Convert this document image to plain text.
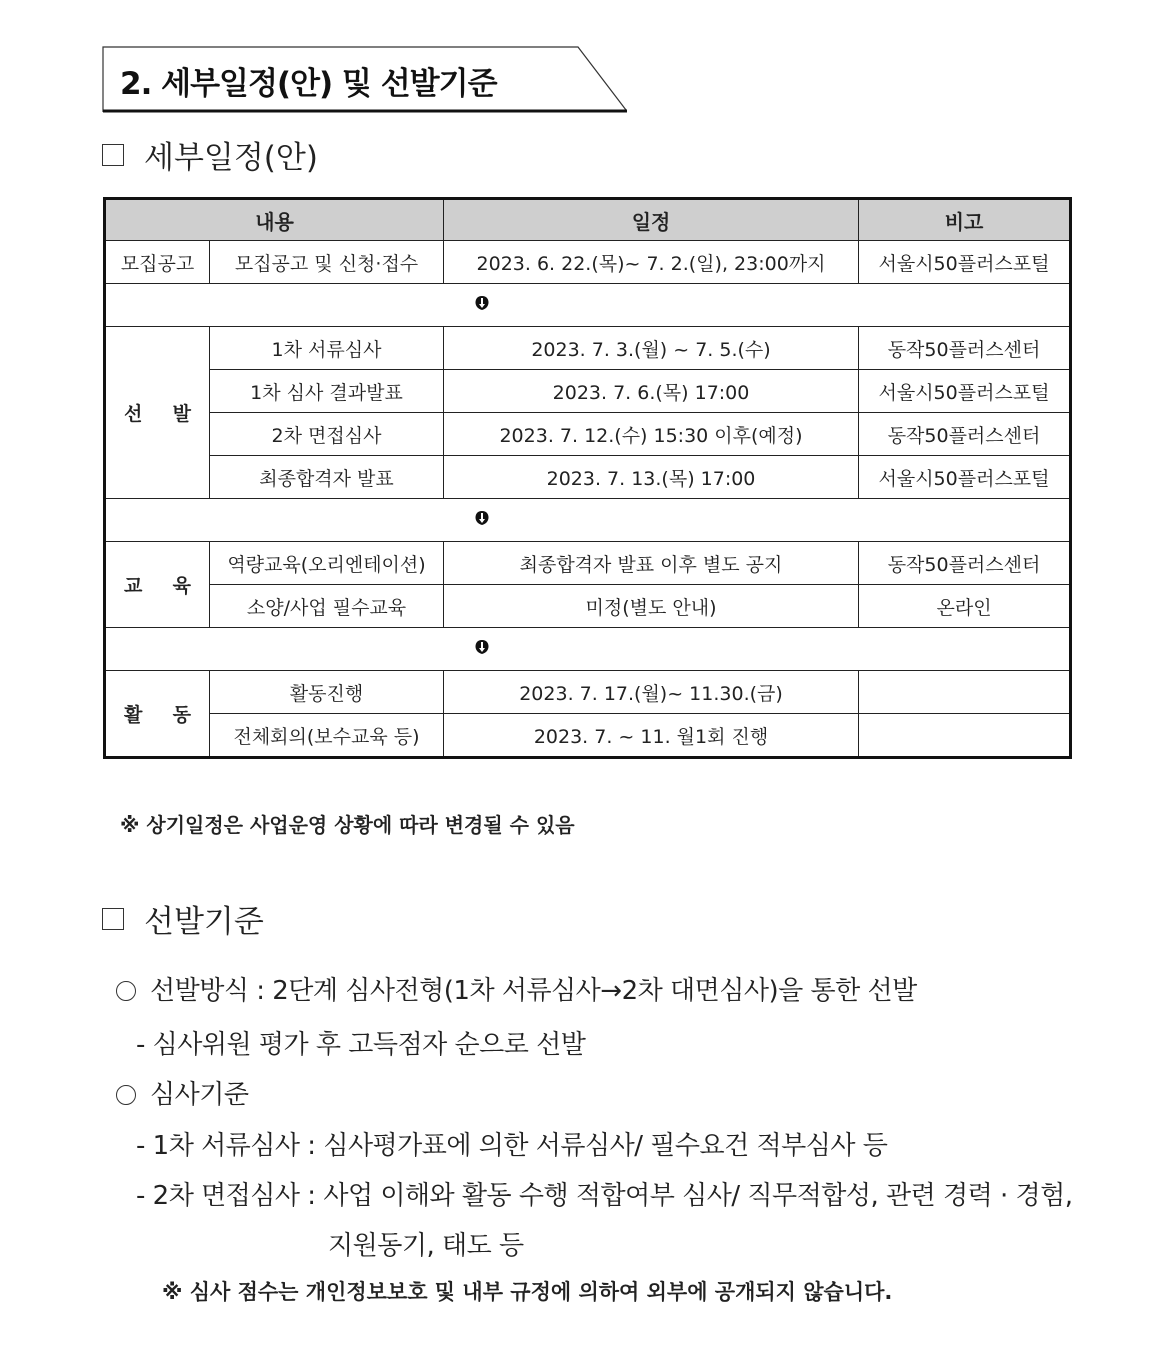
2. 세부일정(안) 및 선발기준
세부일정(안)
내용		일정	비고
모집공고	모집공고 및 신청·접수	2023. 6. 22.(목)~ 7. 2.(일), 23:00까지	서울시50플러스포털

선 발	1차 서류심사	2023. 7. 3.(월) ~ 7. 5.(수)	동작50플러스센터
	1차 심사 결과발표	2023. 7. 6.(목) 17:00	서울시50플러스포털
	2차 면접심사	2023. 7. 12.(수) 15:30 이후(예정)	동작50플러스센터
	최종합격자 발표	2023. 7. 13.(목) 17:00	서울시50플러스포털

교 육	역량교육(오리엔테이션)	최종합격자 발표 이후 별도 공지	동작50플러스센터
	소양/사업 필수교육	미정(별도 안내)	온라인

활 동	활동진행	2023. 7. 17.(월)~ 11.30.(금)	
	전체회의(보수교육 등)	2023. 7. ~ 11. 월1회 진행	
※ 상기일정은 사업운영 상황에 따라 변경될 수 있음
선발기준
선발방식 : 2단계 심사전형(1차 서류심사→2차 대면심사)을 통한 선발
- 심사위원 평가 후 고득점자 순으로 선발
심사기준
- 1차 서류심사 : 심사평가표에 의한 서류심사/ 필수요건 적부심사 등
- 2차 면접심사 : 사업 이해와 활동 수행 적합여부 심사/ 직무적합성, 관련 경력 · 경험,
지원동기, 태도 등
※ 심사 점수는 개인정보보호 및 내부 규정에 의하여 외부에 공개되지 않습니다.
